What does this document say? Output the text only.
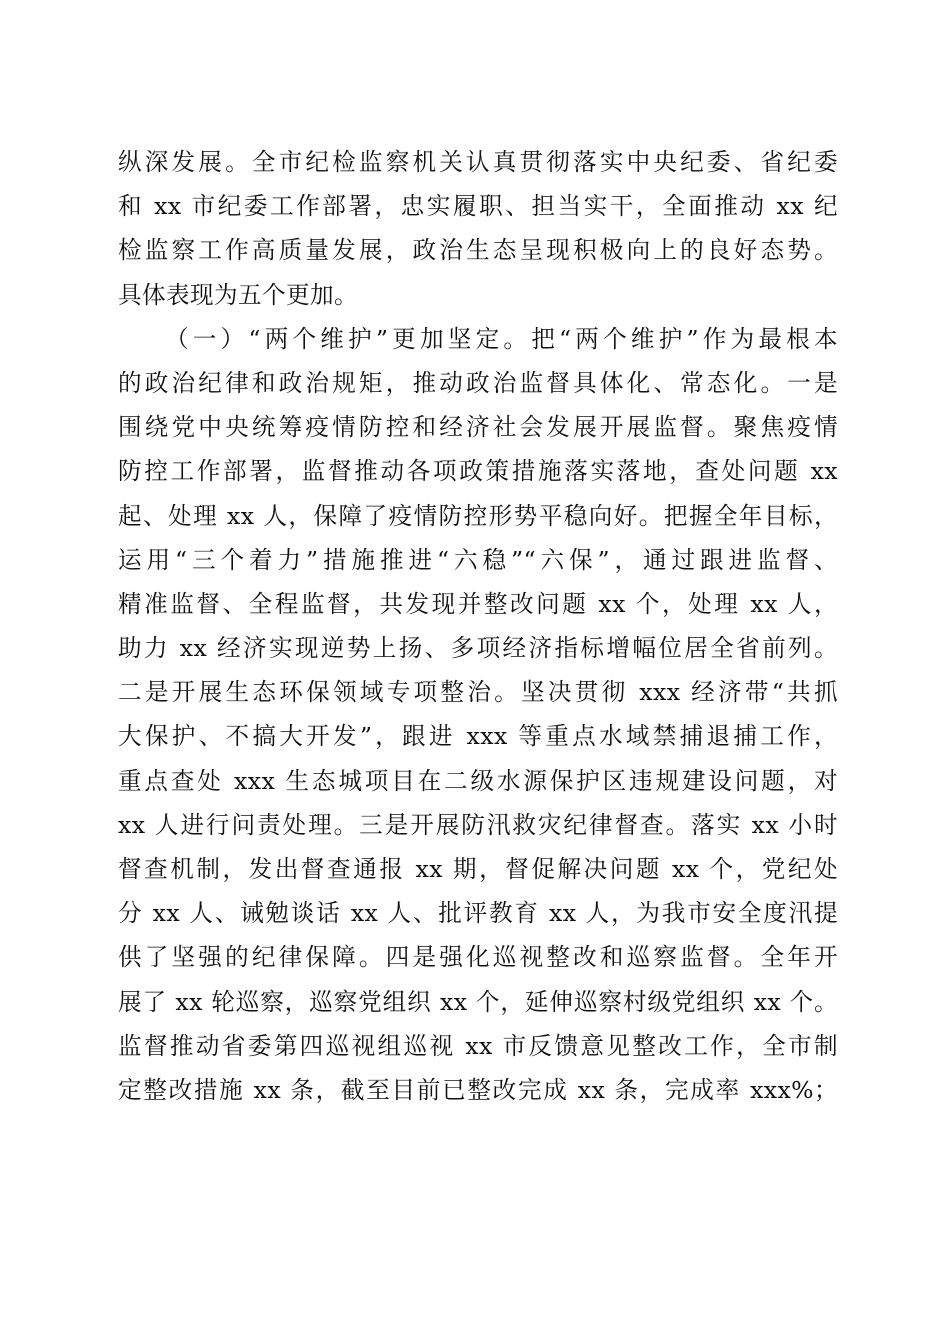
纵深发展。全市纪检监察机关认真贯彻落实中央纪委、省纪委
和 xx 市纪委工作部署，忠实履职、担当实干，全面推动 xx 纪
检监察工作高质量发展，政治生态呈现积极向上的良好态势。
具体表现为五个更加。
（一）“两个维护”更加坚定。把“两个维护”作为最根本
的政治纪律和政治规矩，推动政治监督具体化、常态化。一是
围绕党中央统筹疫情防控和经济社会发展开展监督。聚焦疫情
防控工作部署，监督推动各项政策措施落实落地，查处问题 xx
起、处理 xx 人，保障了疫情防控形势平稳向好。把握全年目标，
运用“三个着力”措施推进“六稳”“六保”，通过跟进监督、
精准监督、全程监督，共发现并整改问题 xx 个，处理 xx 人，
助力 xx 经济实现逆势上扬、多项经济指标增幅位居全省前列。
二是开展生态环保领域专项整治。坚决贯彻 xxx 经济带“共抓
大保护、不搞大开发”，跟进 xxx 等重点水域禁捕退捕工作，
重点查处 xxx 生态城项目在二级水源保护区违规建设问题，对
xx 人进行问责处理。三是开展防汛救灾纪律督查。落实 xx 小时
督查机制，发出督查通报 xx 期，督促解决问题 xx 个，党纪处
分 xx 人、诫勉谈话 xx 人、批评教育 xx 人，为我市安全度汛提
供了坚强的纪律保障。四是强化巡视整改和巡察监督。全年开
展了 xx 轮巡察，巡察党组织 xx 个，延伸巡察村级党组织 xx 个。
监督推动省委第四巡视组巡视 xx 市反馈意见整改工作，全市制
定整改措施 xx 条，截至目前已整改完成 xx 条，完成率 xxx%；
